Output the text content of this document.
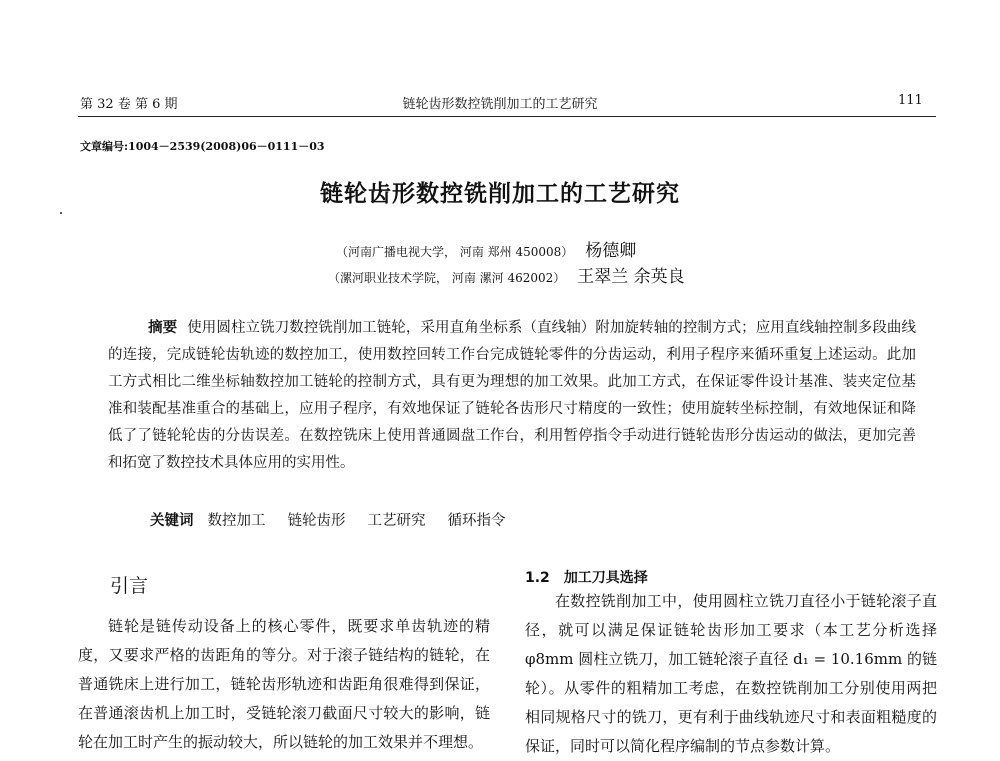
第 32 卷 第 6 期	链轮齿形数控铣削加工的工艺研究	111
文章编号:1004－2539(2008)06－0111－03
链轮齿形数控铣削加工的工艺研究
（河南广播电视大学， 河南 郑州 450008） 杨德卿
（漯河职业技术学院， 河南 漯河 462002） 王翠兰 余英良
摘要 使用圆柱立铣刀数控铣削加工链轮，采用直角坐标系（直线轴）附加旋转轴的控制方式；应用直线轴控制多段曲线的连接，完成链轮齿轨迹的数控加工，使用数控回转工作台完成链轮零件的分齿运动，利用子程序来循环重复上述运动。此加工方式相比二维坐标轴数控加工链轮的控制方式，具有更为理想的加工效果。此加工方式，在保证零件设计基准、装夹定位基准和装配基准重合的基础上，应用子程序，有效地保证了链轮各齿形尺寸精度的一致性；使用旋转坐标控制，有效地保证和降低了了链轮轮齿的分齿误差。在数控铣床上使用普通圆盘工作台，利用暂停指令手动进行链轮齿形分齿运动的做法，更加完善和拓宽了数控技术具体应用的实用性。
关键词 数控加工 链轮齿形 工艺研究 循环指令
引言
链轮是链传动设备上的核心零件，既要求单齿轨迹的精度，又要求严格的齿距角的等分。对于滚子链结构的链轮，在普通铣床上进行加工，链轮齿形轨迹和齿距角很难得到保证，在普通滚齿机上加工时，受链轮滚刀截面尺寸较大的影响，链轮在加工时产生的振动较大，所以链轮的加工效果并不理想。
1.2 加工刀具选择
在数控铣削加工中，使用圆柱立铣刀直径小于链轮滚子直径，就可以满足保证链轮齿形加工要求（本工艺分析选择 φ8mm 圆柱立铣刀，加工链轮滚子直径 d₁ = 10.16mm 的链轮）。从零件的粗精加工考虑，在数控铣削加工分别使用两把相同规格尺寸的铣刀，更有利于曲线轨迹尺寸和表面粗糙度的保证，同时可以简化程序编制的节点参数计算。
